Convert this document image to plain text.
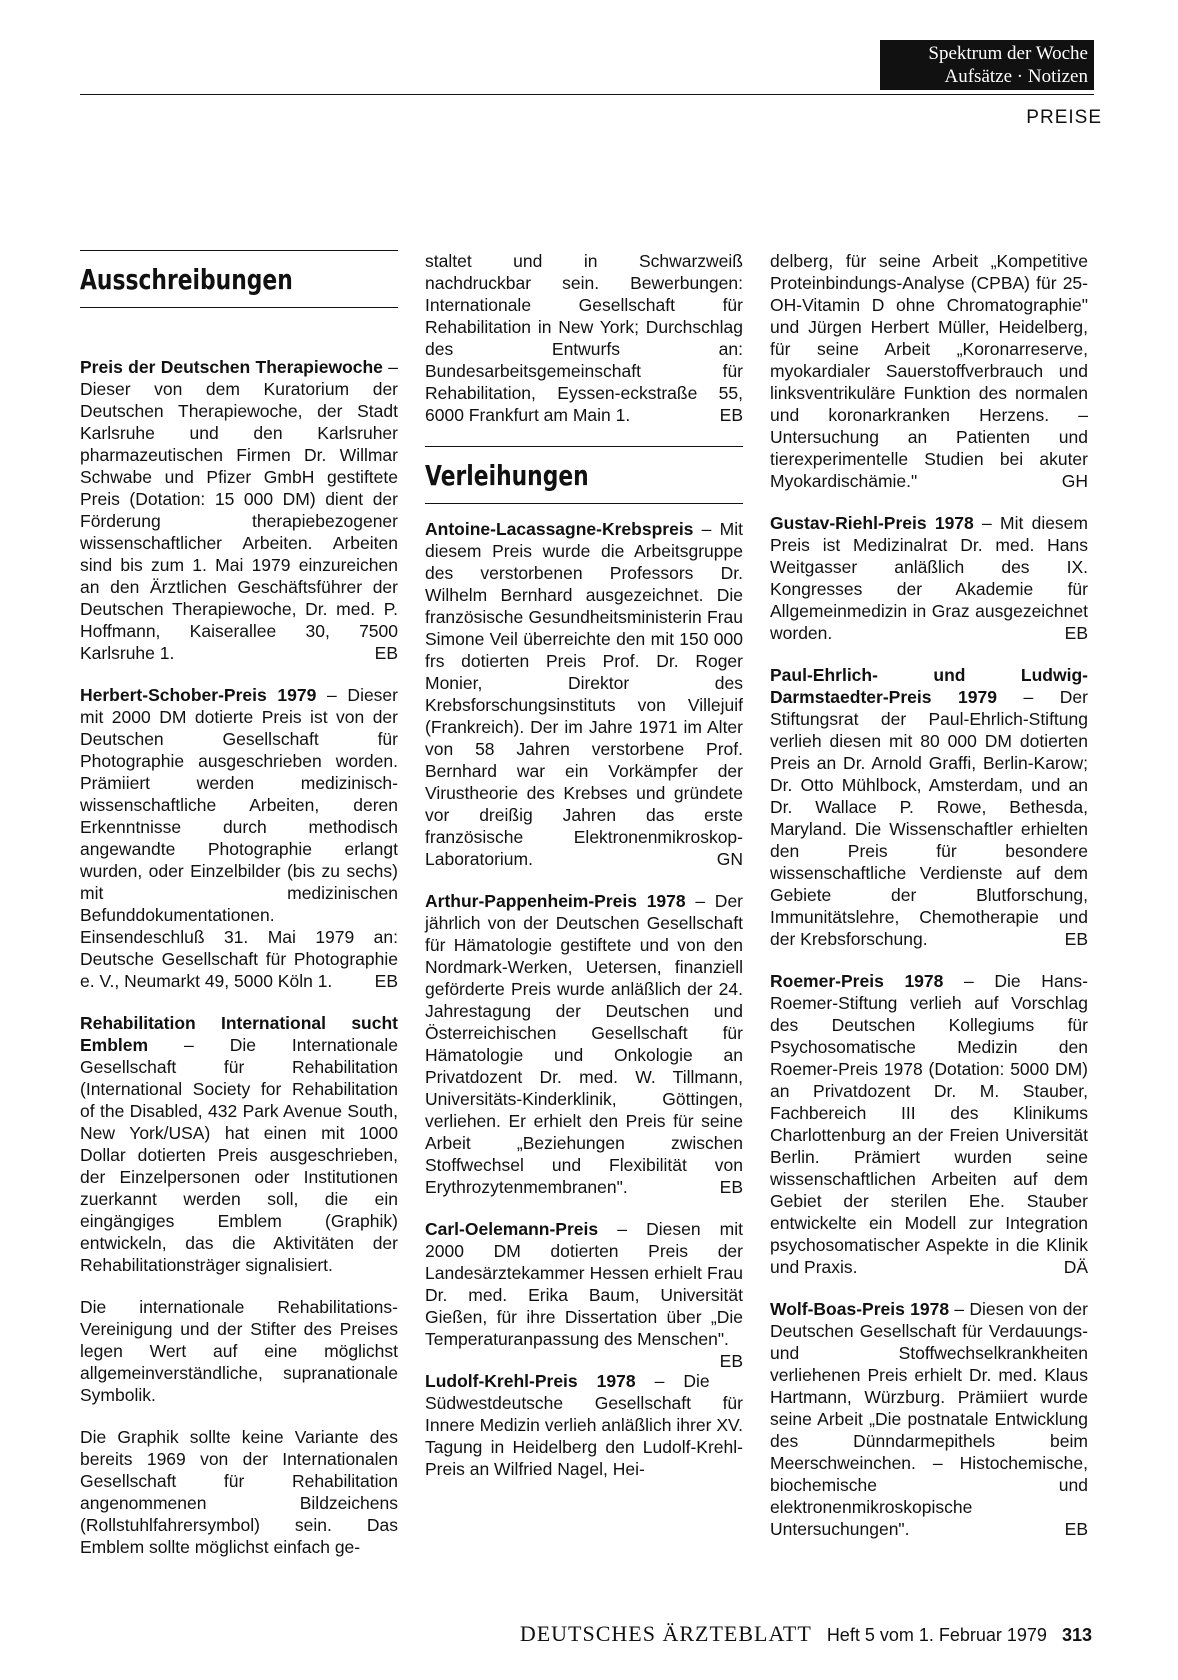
Spektrum der Woche
Aufsätze · Notizen
PREISE
Ausschreibungen

Preis der Deutschen Therapiewoche – Dieser von dem Kuratorium der Deutschen Therapiewoche, der Stadt Karlsruhe und den Karlsruher pharmazeutischen Firmen Dr. Willmar Schwabe und Pfizer GmbH gestiftete Preis (Dotation: 15 000 DM) dient der Förderung therapiebezogener wissenschaftlicher Arbeiten. Arbeiten sind bis zum 1. Mai 1979 einzureichen an den Ärztlichen Geschäftsführer der Deutschen Therapiewoche, Dr. med. P. Hoffmann, Kaiserallee 30, 7500 Karlsruhe 1.	EB

Herbert-Schober-Preis 1979 – Dieser mit 2000 DM dotierte Preis ist von der Deutschen Gesellschaft für Photographie ausgeschrieben worden. Prämiiert werden medizinisch-wissenschaftliche Arbeiten, deren Erkenntnisse durch methodisch angewandte Photographie erlangt wurden, oder Einzelbilder (bis zu sechs) mit medizinischen Befunddokumentationen. Einsendeschluß 31. Mai 1979 an: Deutsche Gesellschaft für Photographie e. V., Neumarkt 49, 5000 Köln 1. EB

Rehabilitation International sucht Emblem – Die Internationale Gesellschaft für Rehabilitation (International Society for Rehabilitation of the Disabled, 432 Park Avenue South, New York/USA) hat einen mit 1000 Dollar dotierten Preis ausgeschrieben, der Einzelpersonen oder Institutionen zuerkannt werden soll, die ein eingängiges Emblem (Graphik) entwickeln, das die Aktivitäten der Rehabilitationsträger signalisiert.

Die internationale Rehabilitations-Vereinigung und der Stifter des Preises legen Wert auf eine möglichst allgemeinverständliche, supranationale Symbolik.

Die Graphik sollte keine Variante des bereits 1969 von der Internationalen Gesellschaft für Rehabilitation angenommenen Bildzeichens (Rollstuhlfahrersymbol) sein. Das Emblem sollte möglichst einfach ge-

staltet und in Schwarzweiß nachdruckbar sein. Bewerbungen: Internationale Gesellschaft für Rehabilitation in New York; Durchschlag des Entwurfs an: Bundesarbeitsgemeinschaft für Rehabilitation, Eyssen-eckstraße 55, 6000 Frankfurt am Main 1.	EB

Verleihungen

Antoine-Lacassagne-Krebspreis – Mit diesem Preis wurde die Arbeitsgruppe des verstorbenen Professors Dr. Wilhelm Bernhard ausgezeichnet. Die französische Gesundheitsministerin Frau Simone Veil überreichte den mit 150 000 frs dotierten Preis Prof. Dr. Roger Monier, Direktor des Krebsforschungsinstituts von Villejuif (Frankreich). Der im Jahre 1971 im Alter von 58 Jahren verstorbene Prof. Bernhard war ein Vorkämpfer der Virustheorie des Krebses und gründete vor dreißig Jahren das erste französische Elektronenmikroskop-Laboratorium.	GN

Arthur-Pappenheim-Preis 1978 – Der jährlich von der Deutschen Gesellschaft für Hämatologie gestiftete und von den Nordmark-Werken, Uetersen, finanziell geförderte Preis wurde anläßlich der 24. Jahrestagung der Deutschen und Österreichischen Gesellschaft für Hämatologie und Onkologie an Privatdozent Dr. med. W. Tillmann, Universitäts-Kinderklinik, Göttingen, verliehen. Er erhielt den Preis für seine Arbeit „Beziehungen zwischen Stoffwechsel und Flexibilität von Erythrozytenmembranen".	EB

Carl-Oelemann-Preis – Diesen mit 2000 DM dotierten Preis der Landesärztekammer Hessen erhielt Frau Dr. med. Erika Baum, Universität Gießen, für ihre Dissertation über „Die Temperaturanpassung des Menschen".
EB

Ludolf-Krehl-Preis 1978 – Die Südwestdeutsche Gesellschaft für Innere Medizin verlieh anläßlich ihrer XV. Tagung in Heidelberg den Ludolf-Krehl-Preis an Wilfried Nagel, Hei-

delberg, für seine Arbeit „Kompetitive Proteinbindungs-Analyse (CPBA) für 25-OH-Vitamin D ohne Chromatographie" und Jürgen Herbert Müller, Heidelberg, für seine Arbeit „Koronarreserve, myokardialer Sauerstoffverbrauch und linksventrikuläre Funktion des normalen und koronarkranken Herzens. – Untersuchung an Patienten und tierexperimentelle Studien bei akuter Myokardischämie."	GH

Gustav-Riehl-Preis 1978 – Mit diesem Preis ist Medizinalrat Dr. med. Hans Weitgasser anläßlich des IX. Kongresses der Akademie für Allgemeinmedizin in Graz ausgezeichnet worden.	EB

Paul-Ehrlich- und Ludwig-Darmstaedter-Preis 1979 – Der Stiftungsrat der Paul-Ehrlich-Stiftung verlieh diesen mit 80 000 DM dotierten Preis an Dr. Arnold Graffi, Berlin-Karow; Dr. Otto Mühlbock, Amsterdam, und an Dr. Wallace P. Rowe, Bethesda, Maryland. Die Wissenschaftler erhielten den Preis für besondere wissenschaftliche Verdienste auf dem Gebiete der Blutforschung, Immunitätslehre, Chemotherapie und der Krebsforschung.	EB

Roemer-Preis 1978 – Die Hans-Roemer-Stiftung verlieh auf Vorschlag des Deutschen Kollegiums für Psychosomatische Medizin den Roemer-Preis 1978 (Dotation: 5000 DM) an Privatdozent Dr. M. Stauber, Fachbereich III des Klinikums Charlottenburg an der Freien Universität Berlin. Prämiert wurden seine wissenschaftlichen Arbeiten auf dem Gebiet der sterilen Ehe. Stauber entwickelte ein Modell zur Integration psychosomatischer Aspekte in die Klinik und Praxis.	DÄ

Wolf-Boas-Preis 1978 – Diesen von der Deutschen Gesellschaft für Verdauungs- und Stoffwechselkrankheiten verliehenen Preis erhielt Dr. med. Klaus Hartmann, Würzburg. Prämiiert wurde seine Arbeit „Die postnatale Entwicklung des Dünndarmepithels beim Meerschweinchen. – Histochemische, biochemische und elektronenmikroskopische Untersuchungen".	EB

DEUTSCHES ÄRZTEBLATT Heft 5 vom 1. Februar 1979 313
